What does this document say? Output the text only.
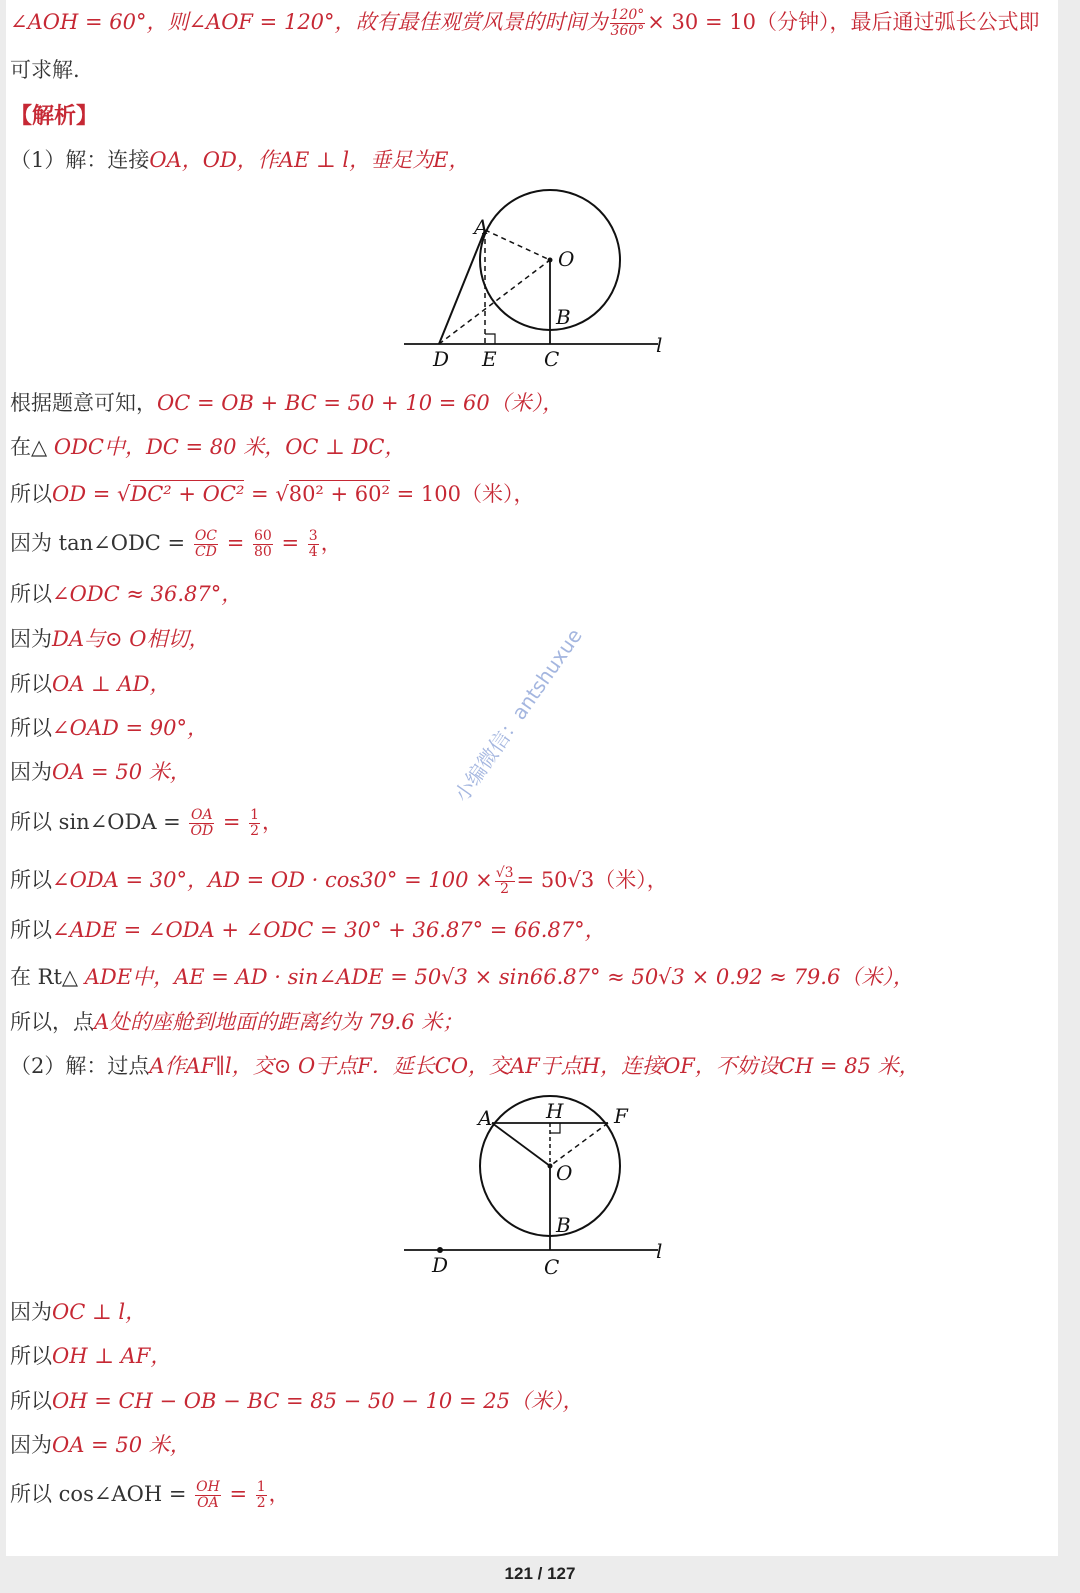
∠AOH = 60°，则∠AOF = 120°，故有最佳观赏风景的时间为 $\frac{120^\circ}{360^\circ} \times 30 = 10$（分钟），最后通过弧长公式即
可求解.
【解析】
（1）解：连接OA，OD，作AE ⊥ l，垂足为E，
A
O
B
D E C
l
根据题意可知，OC = OB + BC = 50 + 10 = 60（米），
在△ ODC中，DC = 80 米，OC ⊥ DC，
所以OD = √DC² + OC² = √80² + 60² = 100（米），
因为 tan∠ODC = $\frac{OC}{CD} = \frac{60}{80} = \frac{3}{4}$ ，
所以∠ODC ≈ 36.87°，
因为DA与⊙ O相切，
所以OA ⊥ AD，
所以∠OAD = 90°，
因为OA = 50 米，
所以 sin∠ODA = $\frac{OA}{OD} = \frac{1}{2}$ ，
所以∠ODA = 30°，AD = OD · $\cos 30^\circ = 100 \times \frac{√3}{2} = 50√3$（米），
所以∠ADE = ∠ODA + ∠ODC = 30° + 36.87° = 66.87°，
在 Rt△ ADE中，AE = AD · sin∠ADE = 50√3 × sin66.87° ≈ 50√3 × 0.92 ≈ 79.6（米），
所以，点A处的座舱到地面的距离约为 79.6 米；
（2）解：过点A作AF∥l，交⊙ O于点F．延长CO，交AF于点H，连接OF，不妨设CH = 85 米，
A	H	F
O
B
D	C
l
因为OC ⊥ l，
所以OH ⊥ AF，
所以OH = CH − OB − BC = 85 − 50 − 10 = 25（米），
因为OA = 50 米，
所以 cos∠AOH = $\frac{OH}{OA} = \frac{1}{2}$ ，
小编微信：antshuxue
121 / 127
